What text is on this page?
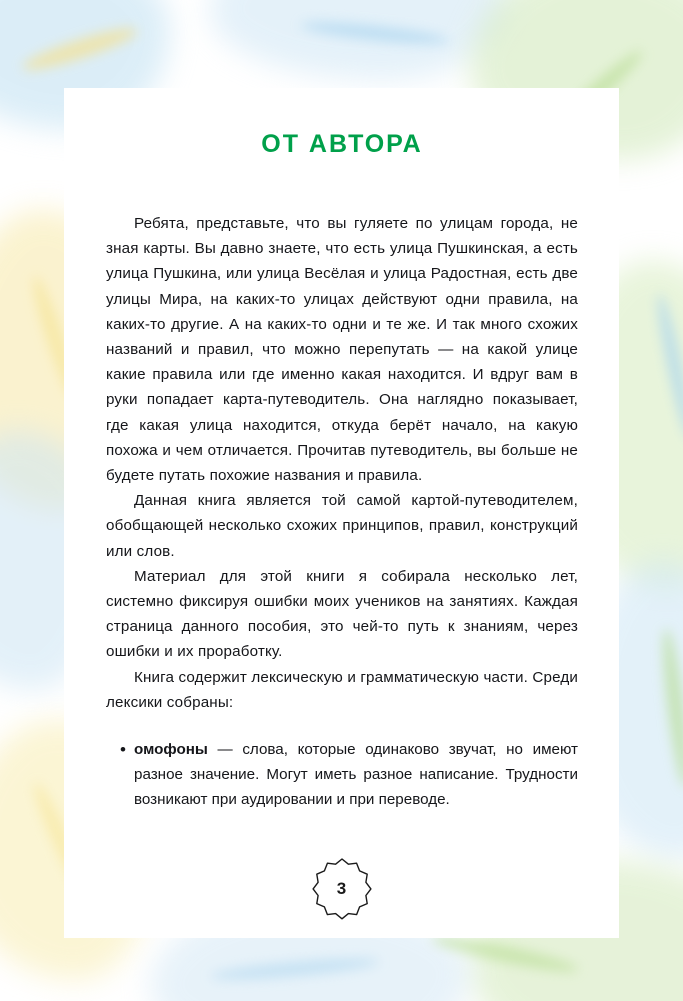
ОТ АВТОРА

Ребята, представьте, что вы гуляете по улицам города, не зная карты. Вы давно знаете, что есть улица Пушкинская, а есть улица Пушкина, или улица Весёлая и улица Радостная, есть две улицы Мира, на каких-то улицах действуют одни правила, на каких-то другие. А на каких-то одни и те же. И так много схожих названий и правил, что можно перепутать — на какой улице какие правила или где именно какая находится. И вдруг вам в руки попадает карта-путеводитель. Она наглядно показывает, где какая улица находится, откуда берёт начало, на какую похожа и чем отличается. Прочитав путеводитель, вы больше не будете путать похожие названия и правила.

Данная книга является той самой картой-путеводителем, обобщающей несколько схожих принципов, правил, конструкций или слов.

Материал для этой книги я собирала несколько лет, системно фиксируя ошибки моих учеников на занятиях. Каждая страница данного пособия, это чей-то путь к знаниям, через ошибки и их проработку.

Книга содержит лексическую и грамматическую части. Среди лексики собраны:

• омофоны — слова, которые одинаково звучат, но имеют разное значение. Могут иметь разное написание. Трудности возникают при аудировании и при переводе.
3
